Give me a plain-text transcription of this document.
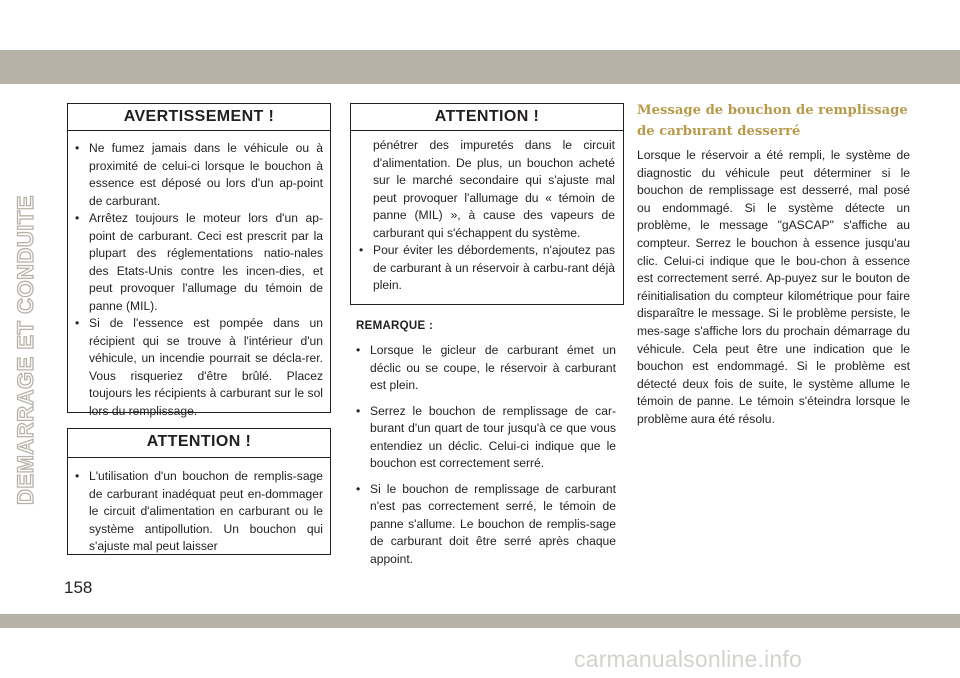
DEMARRAGE ET CONDUITE
AVERTISSEMENT !
• Ne fumez jamais dans le véhicule ou à proximité de celui-ci lorsque le bouchon à essence est déposé ou lors d'un ap-point de carburant.
• Arrêtez toujours le moteur lors d'un ap-point de carburant. Ceci est prescrit par la plupart des réglementations natio-nales des Etats-Unis contre les incen-dies, et peut provoquer l'allumage du témoin de panne (MIL).
• Si de l'essence est pompée dans un récipient qui se trouve à l'intérieur d'un véhicule, un incendie pourrait se décla-rer. Vous risqueriez d'être brûlé. Placez toujours les récipients à carburant sur le sol lors du remplissage.
ATTENTION !
• L'utilisation d'un bouchon de remplis-sage de carburant inadéquat peut en-dommager le circuit d'alimentation en carburant ou le système antipollution. Un bouchon qui s'ajuste mal peut laisser
ATTENTION !
pénétrer des impuretés dans le circuit d'alimentation. De plus, un bouchon acheté sur le marché secondaire qui s'ajuste mal peut provoquer l'allumage du « témoin de panne (MIL) », à cause des vapeurs de carburant qui s'échappent du système.
• Pour éviter les débordements, n'ajoutez pas de carburant à un réservoir à carbu-rant déjà plein.
REMARQUE :
• Lorsque le gicleur de carburant émet un déclic ou se coupe, le réservoir à carburant est plein.
• Serrez le bouchon de remplissage de car-burant d'un quart de tour jusqu'à ce que vous entendiez un déclic. Celui-ci indique que le bouchon est correctement serré.
• Si le bouchon de remplissage de carburant n'est pas correctement serré, le témoin de panne s'allume. Le bouchon de remplis-sage de carburant doit être serré après chaque appoint.
Message de bouchon de remplissage de carburant desserré
Lorsque le réservoir a été rempli, le système de diagnostic du véhicule peut déterminer si le bouchon de remplissage est desserré, mal posé ou endommagé. Si le système détecte un problème, le message "gASCAP" s'affiche au compteur. Serrez le bouchon à essence jusqu'au clic. Celui-ci indique que le bou-chon à essence est correctement serré. Ap-puyez sur le bouton de réinitialisation du compteur kilométrique pour faire disparaître le message. Si le problème persiste, le mes-sage s'affiche lors du prochain démarrage du véhicule. Cela peut être une indication que le bouchon est endommagé. Si le problème est détecté deux fois de suite, le système allume le témoin de panne. Le témoin s'éteindra lorsque le problème aura été résolu.
158
carmanualsonline.info
